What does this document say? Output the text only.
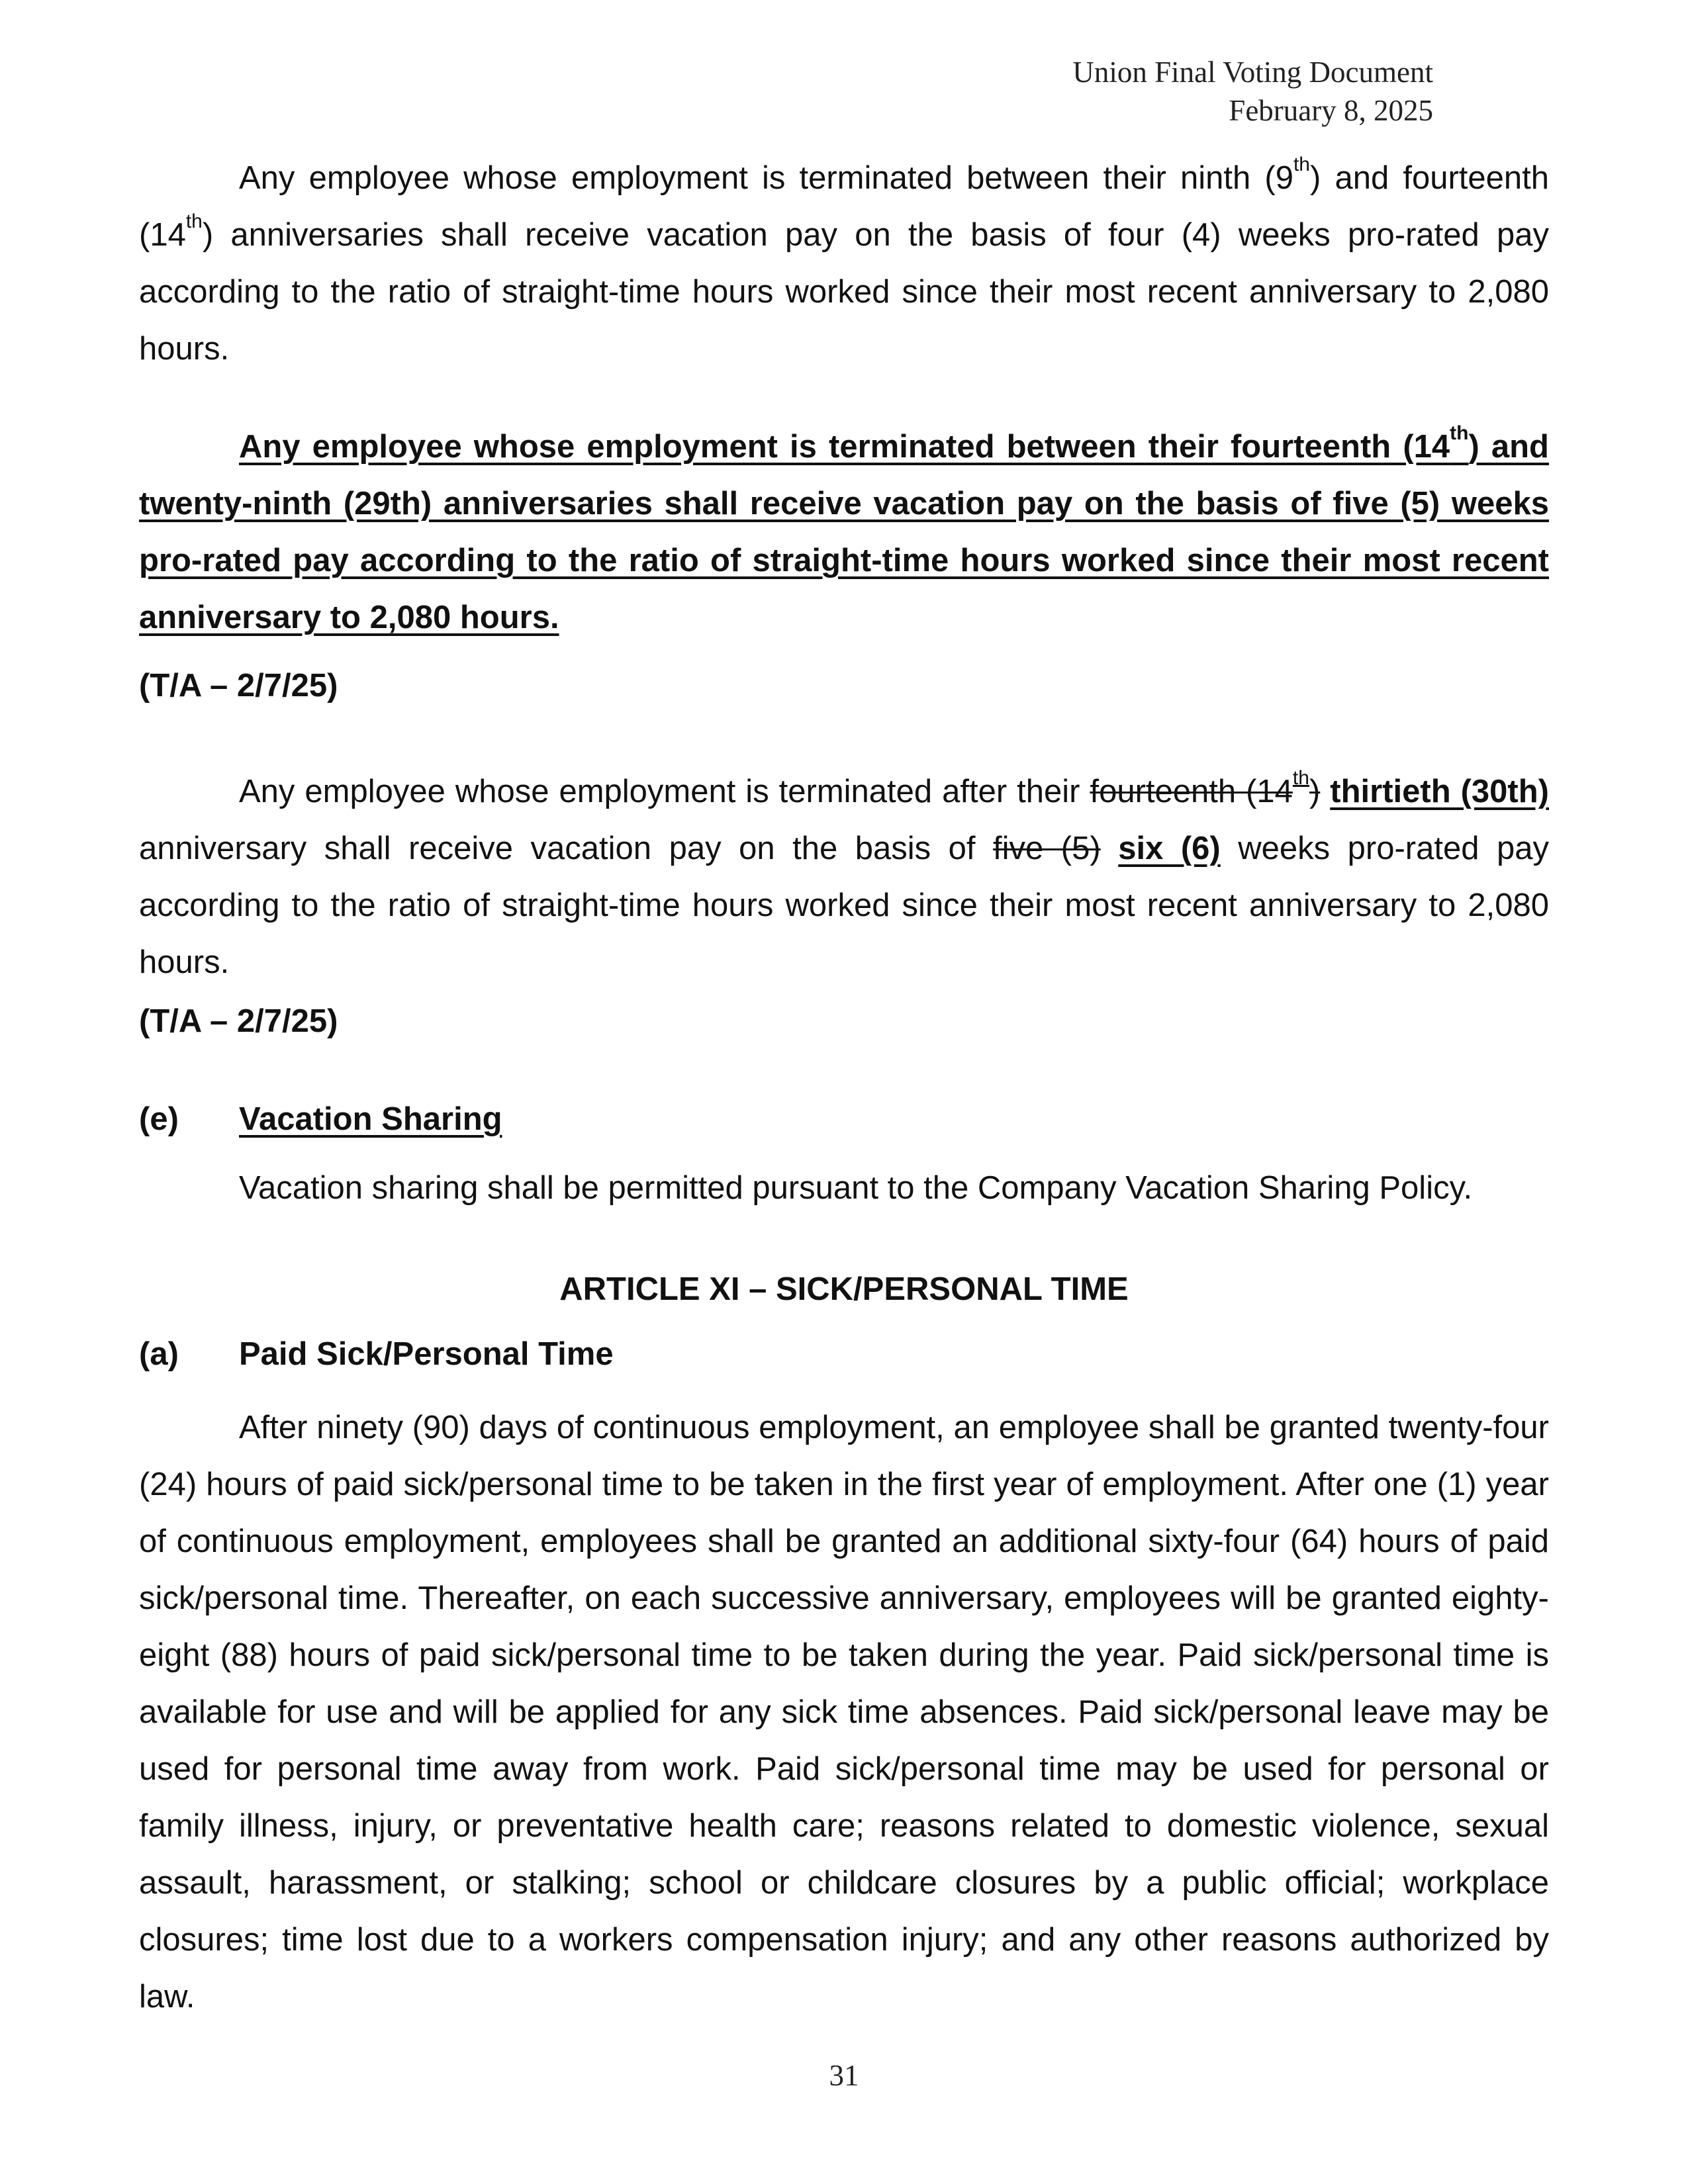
Union Final Voting Document
February 8, 2025

Any employee whose employment is terminated between their ninth (9th) and fourteenth (14th) anniversaries shall receive vacation pay on the basis of four (4) weeks pro-rated pay according to the ratio of straight-time hours worked since their most recent anniversary to 2,080 hours.

Any employee whose employment is terminated between their fourteenth (14th) and twenty-ninth (29th) anniversaries shall receive vacation pay on the basis of five (5) weeks pro-rated pay according to the ratio of straight-time hours worked since their most recent anniversary to 2,080 hours.

(T/A – 2/7/25)

Any employee whose employment is terminated after their fourteenth (14th) thirtieth (30th) anniversary shall receive vacation pay on the basis of five (5) six (6) weeks pro-rated pay according to the ratio of straight-time hours worked since their most recent anniversary to 2,080 hours.

(T/A – 2/7/25)
(e) Vacation Sharing

Vacation sharing shall be permitted pursuant to the Company Vacation Sharing Policy.

ARTICLE XI – SICK/PERSONAL TIME
(a) Paid Sick/Personal Time

After ninety (90) days of continuous employment, an employee shall be granted twenty-four (24) hours of paid sick/personal time to be taken in the first year of employment. After one (1) year of continuous employment, employees shall be granted an additional sixty-four (64) hours of paid sick/personal time. Thereafter, on each successive anniversary, employees will be granted eighty-eight (88) hours of paid sick/personal time to be taken during the year. Paid sick/personal time is available for use and will be applied for any sick time absences. Paid sick/personal leave may be used for personal time away from work. Paid sick/personal time may be used for personal or family illness, injury, or preventative health care; reasons related to domestic violence, sexual assault, harassment, or stalking; school or childcare closures by a public official; workplace closures; time lost due to a workers compensation injury; and any other reasons authorized by law.

31
